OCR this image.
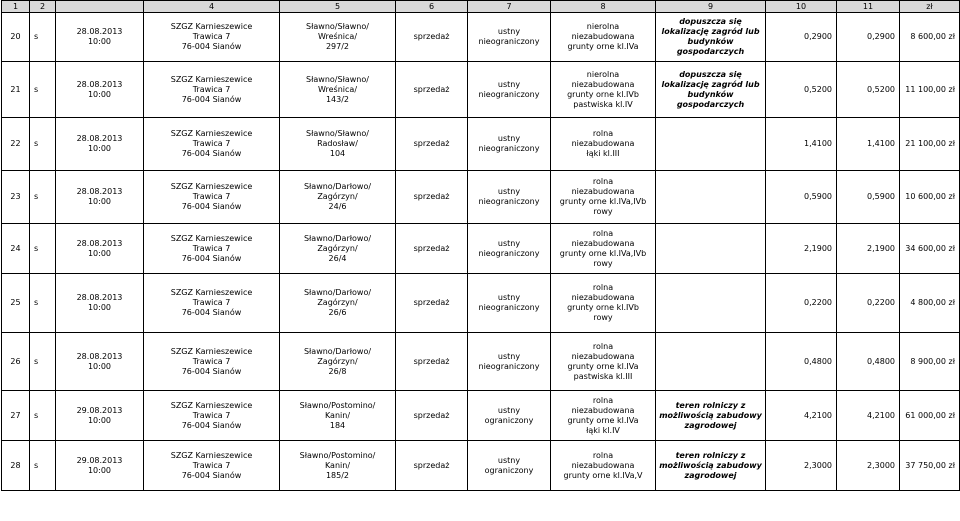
1	2		4	5	6	7	8	9	10	11	zł
20	s	28.08.2013
10:00	SZGZ Karnieszewice
Trawica 7
76-004 Sianów	Sławno/Sławno/
Wreśnica/
297/2	sprzedaż	ustny
nieograniczony	nierolna
niezabudowana
grunty orne kl.IVa	dopuszcza się
lokalizację zagród lub
budynków
gospodarczych	0,2900	0,2900	8 600,00 zł
21	s	28.08.2013
10:00	SZGZ Karnieszewice
Trawica 7
76-004 Sianów	Sławno/Sławno/
Wreśnica/
143/2	sprzedaż	ustny
nieograniczony	nierolna
niezabudowana
grunty orne kl.IVb
pastwiska kl.IV	dopuszcza się
lokalizację zagród lub
budynków
gospodarczych	0,5200	0,5200	11 100,00 zł
22	s	28.08.2013
10:00	SZGZ Karnieszewice
Trawica 7
76-004 Sianów	Sławno/Sławno/
Radosław/
104	sprzedaż	ustny
nieograniczony	rolna
niezabudowana
łąki kl.III		1,4100	1,4100	21 100,00 zł
23	s	28.08.2013
10:00	SZGZ Karnieszewice
Trawica 7
76-004 Sianów	Sławno/Darłowo/
Zagórzyn/
24/6	sprzedaż	ustny
nieograniczony	rolna
niezabudowana
grunty orne kl.IVa,IVb
rowy		0,5900	0,5900	10 600,00 zł
24	s	28.08.2013
10:00	SZGZ Karnieszewice
Trawica 7
76-004 Sianów	Sławno/Darłowo/
Zagórzyn/
26/4	sprzedaż	ustny
nieograniczony	rolna
niezabudowana
grunty orne kl.IVa,IVb
rowy		2,1900	2,1900	34 600,00 zł
25	s	28.08.2013
10:00	SZGZ Karnieszewice
Trawica 7
76-004 Sianów	Sławno/Darłowo/
Zagórzyn/
26/6	sprzedaż	ustny
nieograniczony	rolna
niezabudowana
grunty orne kl.IVb
rowy		0,2200	0,2200	4 800,00 zł
26	s	28.08.2013
10:00	SZGZ Karnieszewice
Trawica 7
76-004 Sianów	Sławno/Darłowo/
Zagórzyn/
26/8	sprzedaż	ustny
nieograniczony	rolna
niezabudowana
grunty orne kl.IVa
pastwiska kl.III		0,4800	0,4800	8 900,00 zł
27	s	29.08.2013
10:00	SZGZ Karnieszewice
Trawica 7
76-004 Sianów	Sławno/Postomino/
Kanin/
184	sprzedaż	ustny
ograniczony	rolna
niezabudowana
grunty orne kl.IVa
łąki kl.IV	teren rolniczy z
możliwością zabudowy
zagrodowej	4,2100	4,2100	61 000,00 zł
28	s	29.08.2013
10:00	SZGZ Karnieszewice
Trawica 7
76-004 Sianów	Sławno/Postomino/
Kanin/
185/2	sprzedaż	ustny
ograniczony	rolna
niezabudowana
grunty orne kl.IVa,V	teren rolniczy z
możliwością zabudowy
zagrodowej	2,3000	2,3000	37 750,00 zł
